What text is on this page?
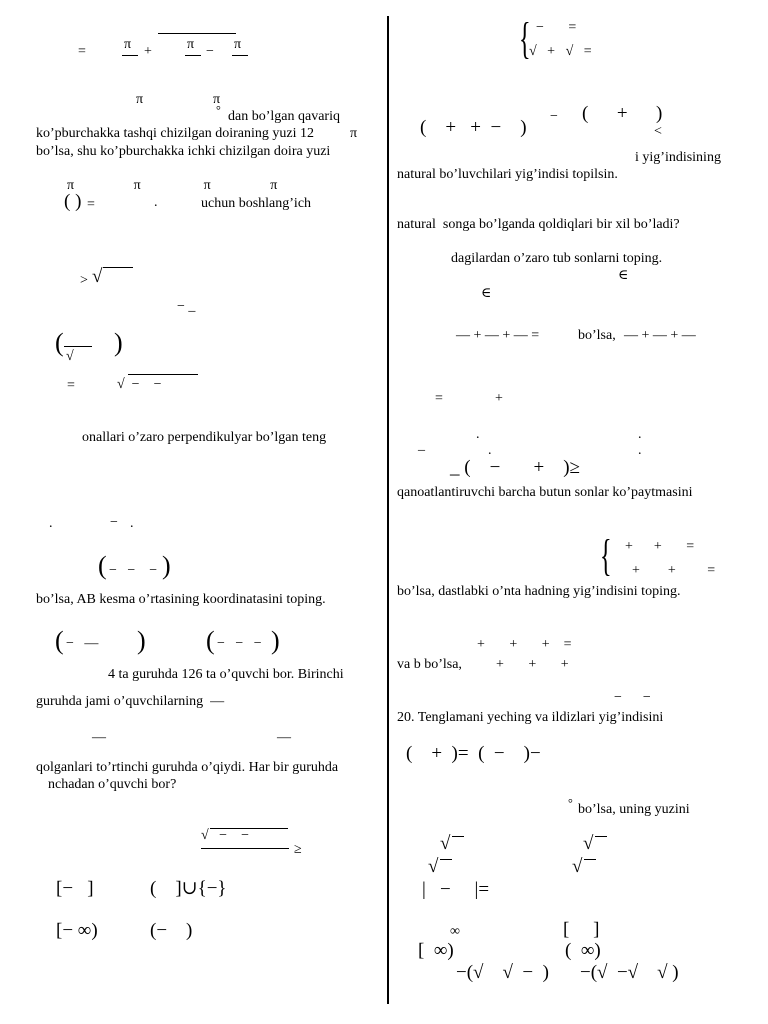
=	π +	π − π
π	π
° dan bo’lgan qavariq
ko’pburchakka tashqi chizilgan doiraning yuzi 12	π
bo’lsa, shu ko’pburchakka ichki chizilgan doira yuzi
π                 π                  π                 π
( ) =	.	uchun boshlang’ich
> √
− _
( √ )
=	√  −    −
onallari o’zaro perpendikulyar bo’lgan teng
.	− .
( −   −    − )
bo’lsa, AB kesma o’rtasining koordinatasini toping.
( −   — ) ( −   −   − )
4 ta guruhda 126 ta o’quvchi bor. Birinchi
guruhda jami o’quvchilarning  —
—	—
qolganlari to’rtinchi guruhda o’qiydi. Har bir guruhda
nchadan o’quvchi bor?
√   −    −
≥
[−   ]	(    ]∪{−}
[− ∞)	(−    )
{ −       =
√   +   √   =
(    +   +  −    )
− (      +      )
<
i yig’indisining
natural bo’luvchilari yig’indisi topilsin.
natural  songa bo’lganda qoldiqlari bir xil bo’ladi?
dagilardan o’zaro tub sonlarni toping.
∈
∈
— + — + — =	bo’lsa, — + — + —
=	+
.	.
_	.	.
_ (    −       +    )≥
qanoatlantiruvchi barcha butun sonlar ko’paytmasini
{ +      +       =
+        +         =
bo’lsa, dastlabki o’nta hadning yig’indisini toping.
+       +       +    =
va b bo’lsa, +       +       +
−      −
20. Tenglamani yeching va ildizlari yig’indisini
(    +  )=  (  −    )−
° bo’lsa, uning yuzini
√	√
√	√
|   −     |=
∞	[     ]
[  ∞)	(  ∞)
−(√    √  −  ) −(√  −√    √ )
